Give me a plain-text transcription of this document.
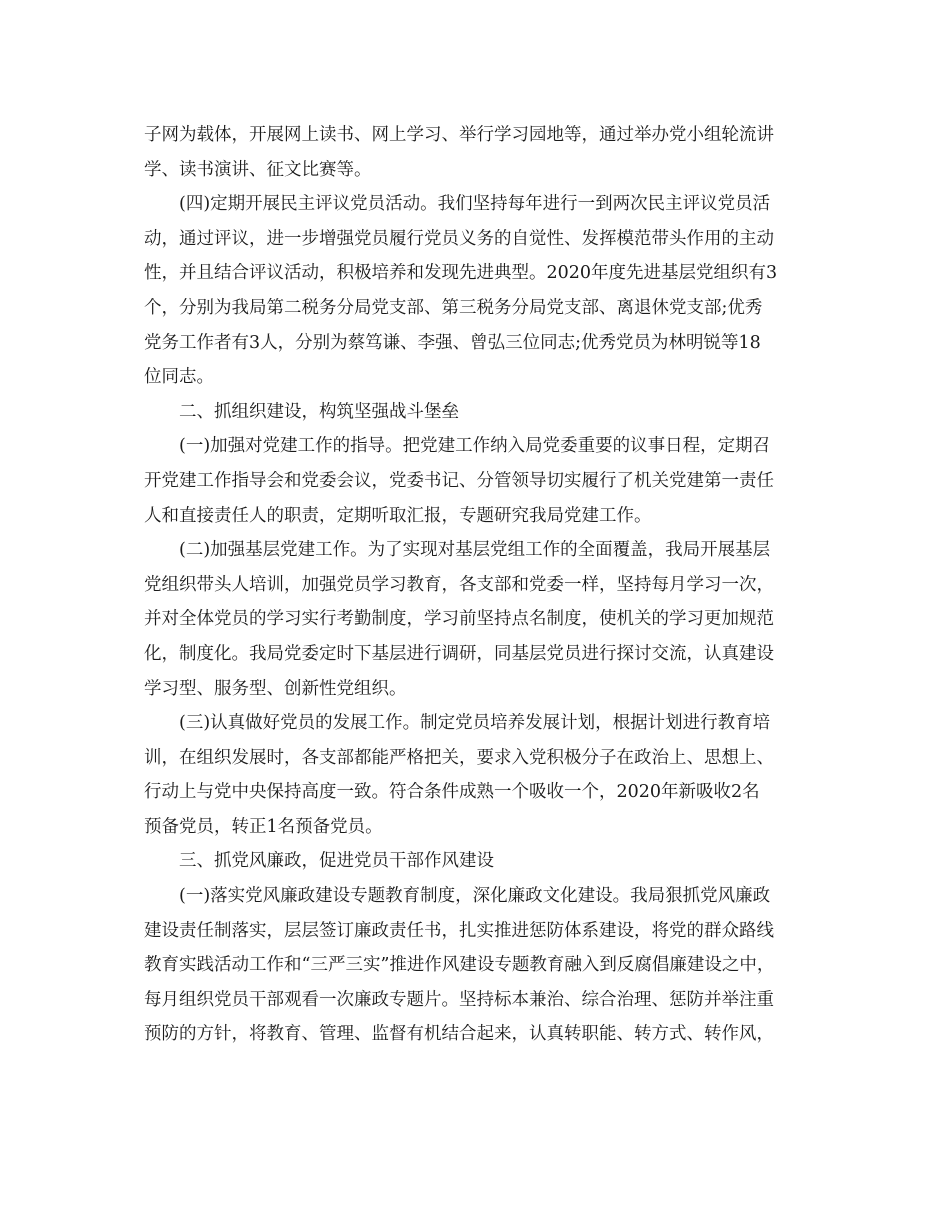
子网为载体，开展网上读书、网上学习、举行学习园地等，通过举办党小组轮流讲
学、读书演讲、征文比赛等。
(四)定期开展民主评议党员活动。我们坚持每年进行一到两次民主评议党员活
动，通过评议，进一步增强党员履行党员义务的自觉性、发挥模范带头作用的主动
性，并且结合评议活动，积极培养和发现先进典型。2020年度先进基层党组织有3
个，分别为我局第二税务分局党支部、第三税务分局党支部、离退休党支部;优秀
党务工作者有3人，分别为蔡笃谦、李强、曾弘三位同志;优秀党员为林明锐等18
位同志。
二、抓组织建设，构筑坚强战斗堡垒
(一)加强对党建工作的指导。把党建工作纳入局党委重要的议事日程，定期召
开党建工作指导会和党委会议，党委书记、分管领导切实履行了机关党建第一责任
人和直接责任人的职责，定期听取汇报，专题研究我局党建工作。
(二)加强基层党建工作。为了实现对基层党组工作的全面覆盖，我局开展基层
党组织带头人培训，加强党员学习教育，各支部和党委一样，坚持每月学习一次，
并对全体党员的学习实行考勤制度，学习前坚持点名制度，使机关的学习更加规范
化，制度化。我局党委定时下基层进行调研，同基层党员进行探讨交流，认真建设
学习型、服务型、创新性党组织。
(三)认真做好党员的发展工作。制定党员培养发展计划，根据计划进行教育培
训，在组织发展时，各支部都能严格把关，要求入党积极分子在政治上、思想上、
行动上与党中央保持高度一致。符合条件成熟一个吸收一个，2020年新吸收2名
预备党员，转正1名预备党员。
三、抓党风廉政，促进党员干部作风建设
(一)落实党风廉政建设专题教育制度，深化廉政文化建设。我局狠抓党风廉政
建设责任制落实，层层签订廉政责任书，扎实推进惩防体系建设，将党的群众路线
教育实践活动工作和“三严三实”推进作风建设专题教育融入到反腐倡廉建设之中，
每月组织党员干部观看一次廉政专题片。坚持标本兼治、综合治理、惩防并举注重
预防的方针，将教育、管理、监督有机结合起来，认真转职能、转方式、转作风，
